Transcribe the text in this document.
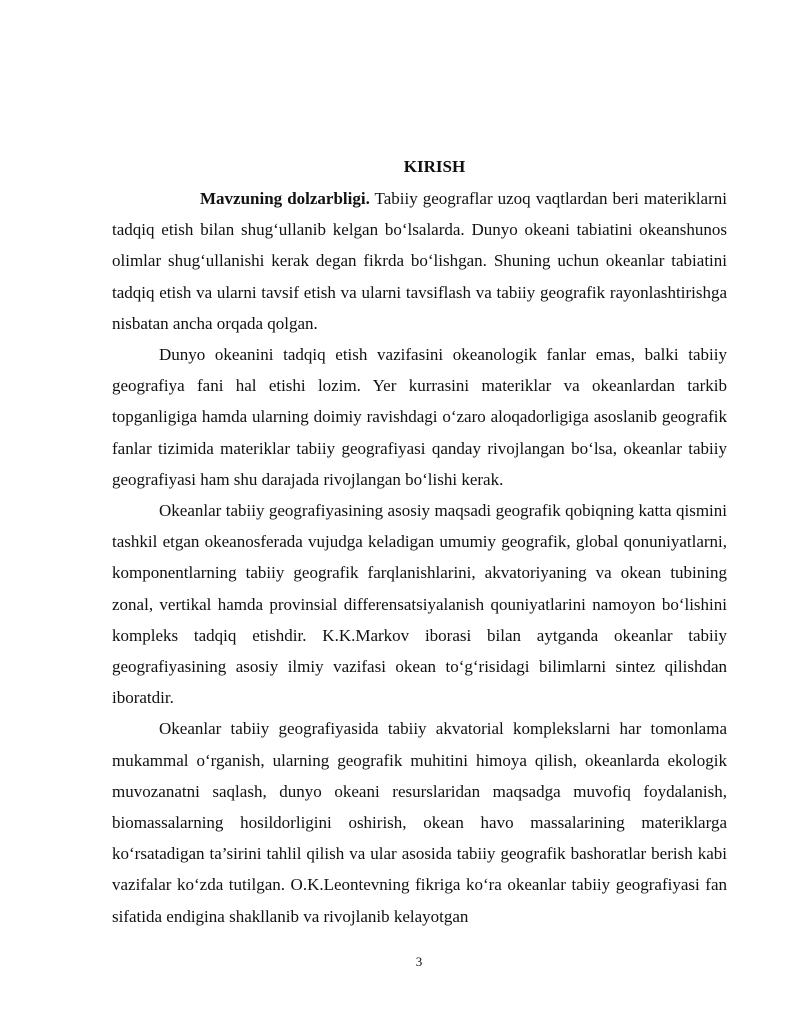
KIRISH

Mavzuning dolzarbligi. Tabiiy geograflar uzoq vaqtlardan beri materiklarni tadqiq etish bilan shug‘ullanib kelgan bo‘lsalarda. Dunyo okeani tabiatini okeanshunos olimlar shug‘ullanishi kerak degan fikrda bo‘lishgan. Shuning uchun okeanlar tabiatini tadqiq etish va ularni tavsif etish va ularni tavsiflash va tabiiy geografik rayonlashtirishga nisbatan ancha orqada qolgan.

Dunyo okeanini tadqiq etish vazifasini okeanologik fanlar emas, balki tabiiy geografiya fani hal etishi lozim. Yer kurrasini materiklar va okeanlardan tarkib topganligiga hamda ularning doimiy ravishdagi o‘zaro aloqadorligiga asoslanib geografik fanlar tizimida materiklar tabiiy geografiyasi qanday rivojlangan bo‘lsa, okeanlar tabiiy geografiyasi ham shu darajada rivojlangan bo‘lishi kerak.

Okeanlar tabiiy geografiyasining asosiy maqsadi geografik qobiqning katta qismini tashkil etgan okeanosferada vujudga keladigan umumiy geografik, global qonuniyatlarni, komponentlarning tabiiy geografik farqlanishlarini, akvatoriyaning va okean tubining zonal, vertikal hamda provinsial differensatsiyalanish qouniyatlarini namoyon bo‘lishini kompleks tadqiq etishdir. K.K.Markov iborasi bilan aytganda okeanlar tabiiy geografiyasining asosiy ilmiy vazifasi okean to‘g‘risidagi bilimlarni sintez qilishdan iboratdir.

Okeanlar tabiiy geografiyasida tabiiy akvatorial komplekslarni har tomonlama mukammal o‘rganish, ularning geografik muhitini himoya qilish, okeanlarda ekologik muvozanatni saqlash, dunyo okeani resurslaridan maqsadga muvofiq foydalanish, biomassalarning hosildorligini oshirish, okean havo massalarining materiklarga ko‘rsatadigan ta’sirini tahlil qilish va ular asosida tabiiy geografik bashoratlar berish kabi vazifalar ko‘zda tutilgan. O.K.Leontevning fikriga ko‘ra okeanlar tabiiy geografiyasi fan sifatida endigina shakllanib va rivojlanib kelayotgan

3
